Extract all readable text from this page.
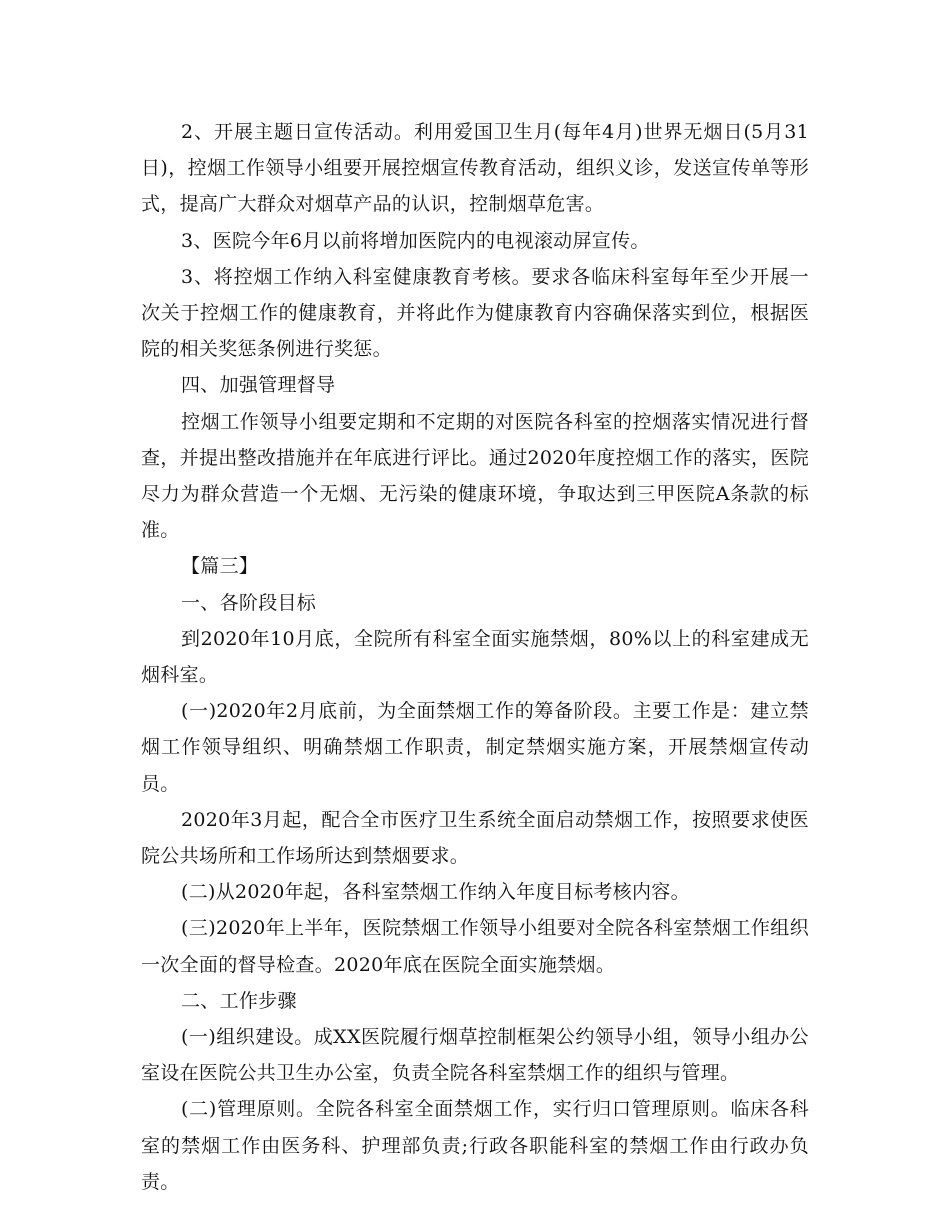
2、开展主题日宣传活动。利用爱国卫生月(每年4月)世界无烟日(5月31日)，控烟工作领导小组要开展控烟宣传教育活动，组织义诊，发送宣传单等形式，提高广大群众对烟草产品的认识，控制烟草危害。

3、医院今年6月以前将增加医院内的电视滚动屏宣传。

3、将控烟工作纳入科室健康教育考核。要求各临床科室每年至少开展一次关于控烟工作的健康教育，并将此作为健康教育内容确保落实到位，根据医院的相关奖惩条例进行奖惩。

四、加强管理督导

控烟工作领导小组要定期和不定期的对医院各科室的控烟落实情况进行督查，并提出整改措施并在年底进行评比。通过2020年度控烟工作的落实，医院尽力为群众营造一个无烟、无污染的健康环境，争取达到三甲医院A条款的标准。

【篇三】

一、各阶段目标

到2020年10月底，全院所有科室全面实施禁烟，80%以上的科室建成无烟科室。

(一)2020年2月底前，为全面禁烟工作的筹备阶段。主要工作是：建立禁烟工作领导组织、明确禁烟工作职责，制定禁烟实施方案，开展禁烟宣传动员。

2020年3月起，配合全市医疗卫生系统全面启动禁烟工作，按照要求使医院公共场所和工作场所达到禁烟要求。

(二)从2020年起，各科室禁烟工作纳入年度目标考核内容。

(三)2020年上半年，医院禁烟工作领导小组要对全院各科室禁烟工作组织一次全面的督导检查。2020年底在医院全面实施禁烟。

二、工作步骤

(一)组织建设。成XX医院履行烟草控制框架公约领导小组，领导小组办公室设在医院公共卫生办公室，负责全院各科室禁烟工作的组织与管理。

(二)管理原则。全院各科室全面禁烟工作，实行归口管理原则。临床各科室的禁烟工作由医务科、护理部负责;行政各职能科室的禁烟工作由行政办负责。
